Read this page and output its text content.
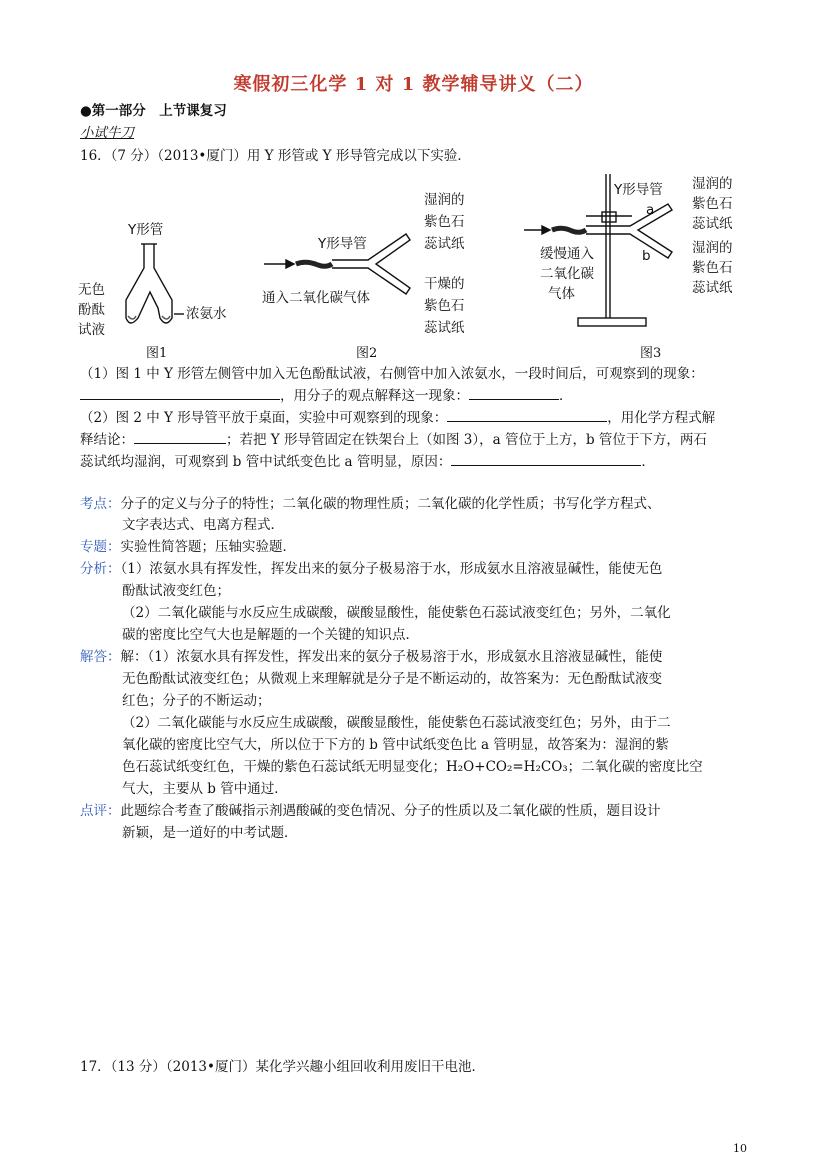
寒假初三化学 1 对 1 教学辅导讲义（二）
●第一部分　上节课复习
小试牛刀
16．（7 分）（2013•厦门）用 Y 形管或 Y 形导管完成以下实验．
Y形管
无色
酚酞
试液
浓氨水
图1
Y形导管
通入二氧化碳气体
湿润的
紫色石
蕊试纸
干燥的
紫色石
蕊试纸
图2
Y形导管
a
b
缓慢通入
二氧化碳
气体
湿润的
紫色石
蕊试纸
湿润的
紫色石
蕊试纸
图3
（1）图 1 中 Y 形管左侧管中加入无色酚酞试液，右侧管中加入浓氨水，一段时间后，可观察到的现象：
，用分子的观点解释这一现象：	．
（2）图 2 中 Y 形导管平放于桌面，实验中可观察到的现象：	，用化学方程式解
释结论：	；若把 Y 形导管固定在铁架台上（如图 3），a 管位于上方，b 管位于下方，两石
蕊试纸均湿润，可观察到 b 管中试纸变色比 a 管明显，原因：	．
考点：分子的定义与分子的特性；二氧化碳的物理性质；二氧化碳的化学性质；书写化学方程式、
文字表达式、电离方程式．
专题：实验性简答题；压轴实验题．
分析：（1）浓氨水具有挥发性，挥发出来的氨分子极易溶于水，形成氨水且溶液显碱性，能使无色
酚酞试液变红色；
（2）二氧化碳能与水反应生成碳酸，碳酸显酸性，能使紫色石蕊试液变红色；另外，二氧化
碳的密度比空气大也是解题的一个关键的知识点．
解答：解：（1）浓氨水具有挥发性，挥发出来的氨分子极易溶于水，形成氨水且溶液显碱性，能使
无色酚酞试液变红色；从微观上来理解就是分子是不断运动的，故答案为：无色酚酞试液变
红色；分子的不断运动；
（2）二氧化碳能与水反应生成碳酸，碳酸显酸性，能使紫色石蕊试液变红色；另外，由于二
氧化碳的密度比空气大，所以位于下方的 b 管中试纸变色比 a 管明显，故答案为：湿润的紫
色石蕊试纸变红色，干燥的紫色石蕊试纸无明显变化；H₂O+CO₂=H₂CO₃；二氧化碳的密度比空
气大，主要从 b 管中通过．
点评：此题综合考查了酸碱指示剂遇酸碱的变色情况、分子的性质以及二氧化碳的性质，题目设计
新颖，是一道好的中考试题．
17．（13 分）（2013•厦门）某化学兴趣小组回收利用废旧干电池．
10
